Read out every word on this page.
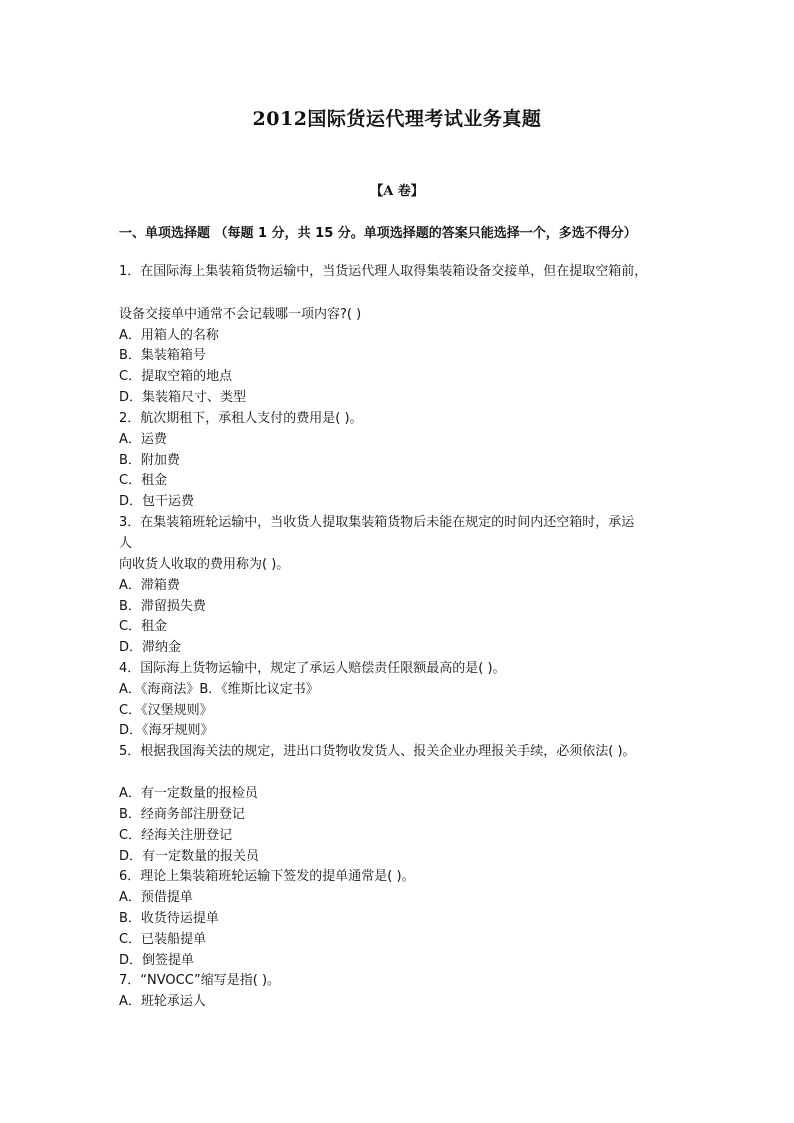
2012国际货运代理考试业务真题
【A 卷】
一、单项选择题 （每题 1 分，共 15 分。单项选择题的答案只能选择一个，多选不得分）
1．在国际海上集装箱货物运输中，当货运代理人取得集装箱设备交接单，但在提取空箱前，
设备交接单中通常不会记载哪一项内容?( )
A．用箱人的名称
B．集装箱箱号
C．提取空箱的地点
D．集装箱尺寸、类型
2．航次期租下，承租人支付的费用是( )。
A．运费
B．附加费
C．租金
D．包干运费
3．在集装箱班轮运输中，当收货人提取集装箱货物后未能在规定的时间内还空箱时，承运
人
向收货人收取的费用称为( )。
A．滞箱费
B．滞留损失费
C．租金
D．滞纳金
4．国际海上货物运输中，规定了承运人赔偿责任限额最高的是( )。
A．《海商法》B．《维斯比议定书》
C．《汉堡规则》
D．《海牙规则》
5．根据我国海关法的规定，进出口货物收发货人、报关企业办理报关手续，必须依法( )。
A．有一定数量的报检员
B．经商务部注册登记
C．经海关注册登记
D．有一定数量的报关员
6．理论上集装箱班轮运输下签发的提单通常是( )。
A．预借提单
B．收货待运提单
C．已装船提单
D．倒签提单
7．“NVOCC”缩写是指( )。
A．班轮承运人
